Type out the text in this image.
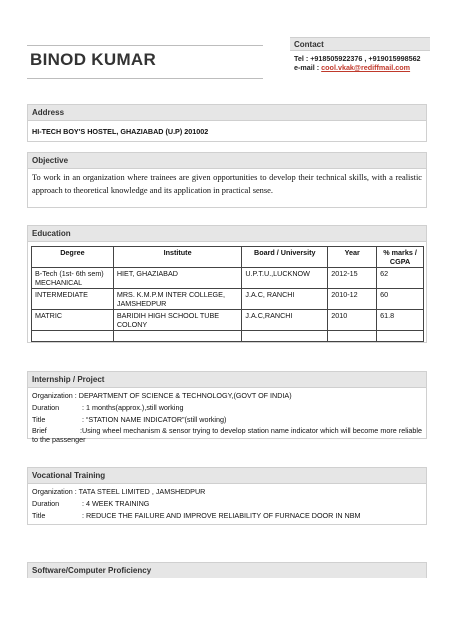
BINOD KUMAR
Contact
Tel : +918505922376 , +919015998562
e-mail : cool.vkak@rediffmail.com
Address
HI-TECH BOY'S HOSTEL, GHAZIABAD (U.P) 201002
Objective
To work in an organization where trainees are given opportunities to develop their technical skills, with a realistic approach to theoretical knowledge and its application in practical sense.
Education
Degree	Institute	Board / University	Year	% marks / CGPA
B-Tech (1st- 6th sem) MECHANICAL	HIET, GHAZIABAD	U.P.T.U.,LUCKNOW	2012-15	62
INTERMEDIATE	MRS. K.M.P.M INTER COLLEGE, JAMSHEDPUR	J.A.C, RANCHI	2010-12	60
MATRIC	BARIDIH HIGH SCHOOL TUBE COLONY	J.A.C,RANCHI	2010	61.8

Internship / Project
Organization : DEPARTMENT OF SCIENCE & TECHNOLOGY,(GOVT OF INDIA)
Duration	: 1 months(approx.),still working
Title	: “STATION NAME INDICATOR”(still working)
Brief	:Using wheel mechanism & sensor trying to develop station name indicator which will become more reliable to the passenger
Vocational Training
Organization : TATA STEEL LIMITED , JAMSHEDPUR
Duration	: 4 WEEK TRAINING
Title	: REDUCE THE FAILURE AND IMPROVE RELIABILITY OF FURNACE DOOR IN NBM
Software/Computer Proficiency
